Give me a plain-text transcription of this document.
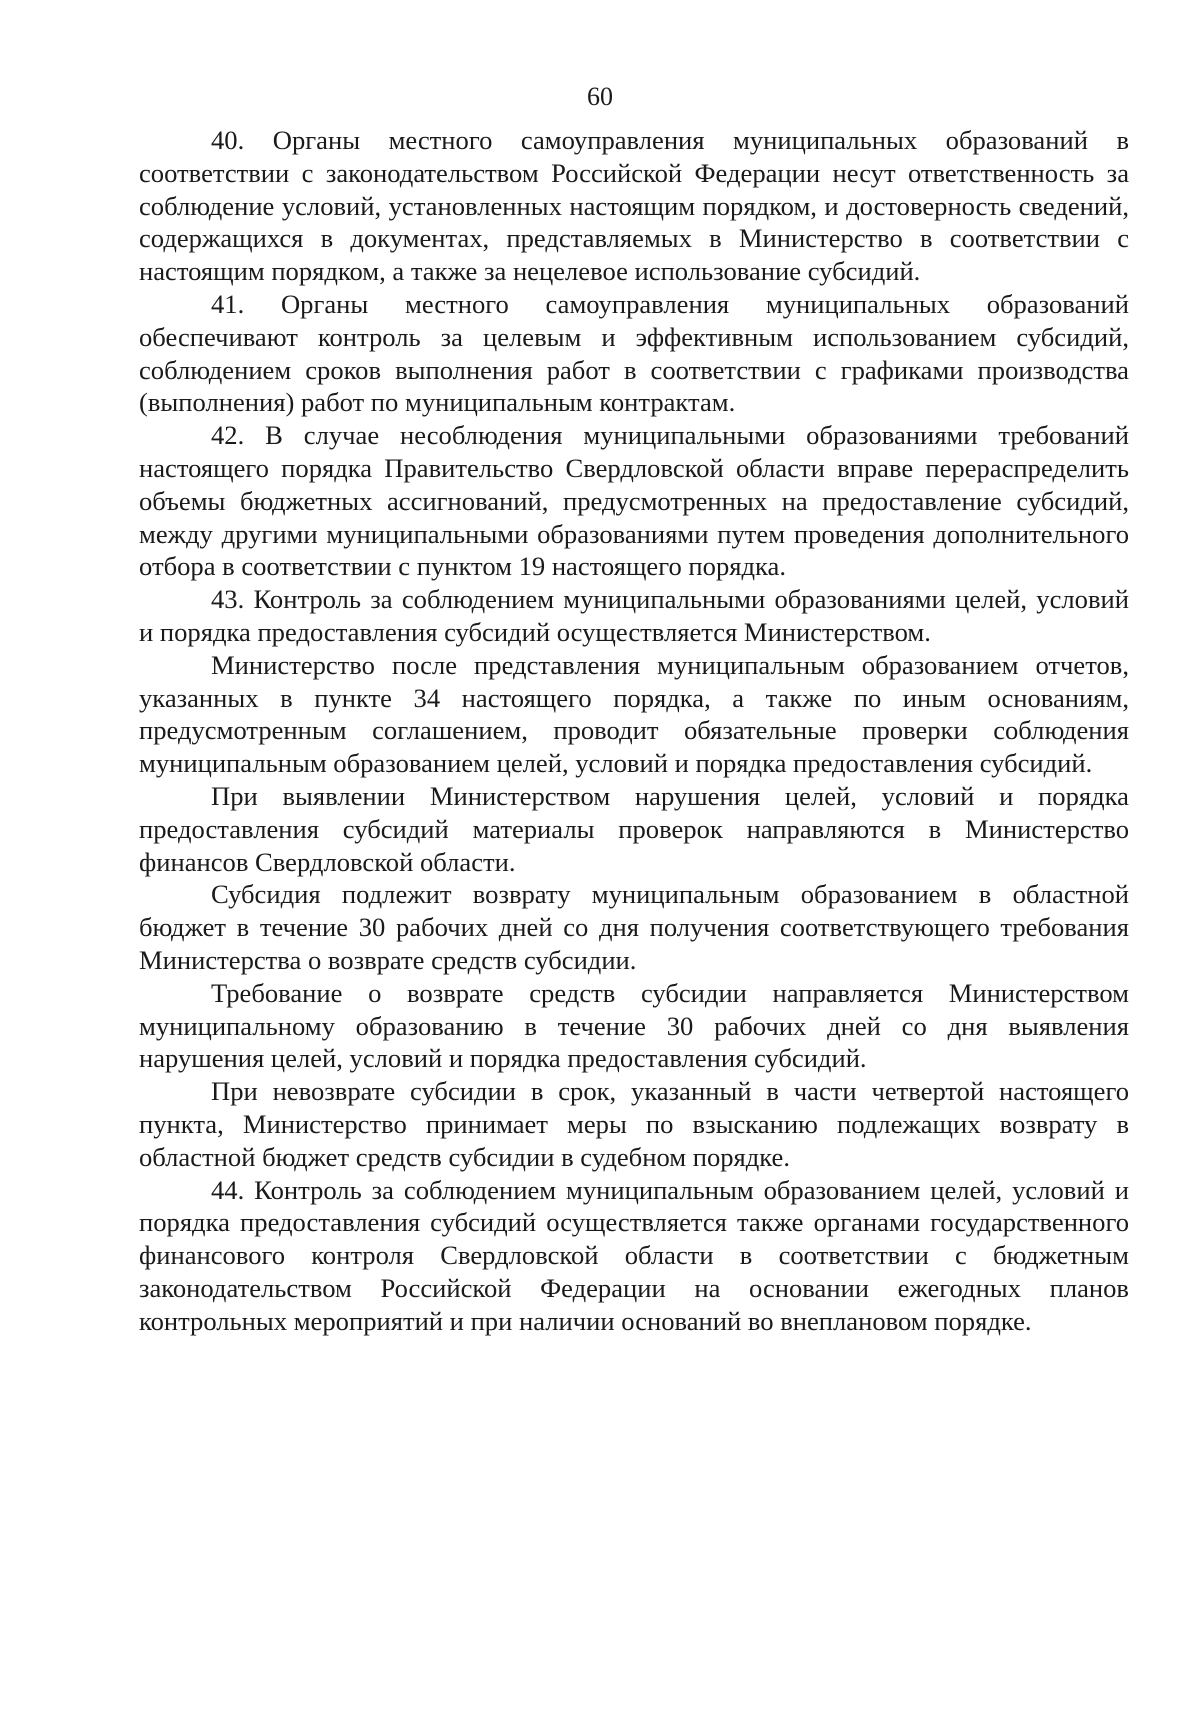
60

40. Органы местного самоуправления муниципальных образований в соответствии с законодательством Российской Федерации несут ответственность за соблюдение условий, установленных настоящим порядком, и достоверность сведений, содержащихся в документах, представляемых в Министерство в соответствии с настоящим порядком, а также за нецелевое использование субсидий.

41. Органы местного самоуправления муниципальных образований обеспечивают контроль за целевым и эффективным использованием субсидий, соблюдением сроков выполнения работ в соответствии с графиками производства (выполнения) работ по муниципальным контрактам.

42. В случае несоблюдения муниципальными образованиями требований настоящего порядка Правительство Свердловской области вправе перераспределить объемы бюджетных ассигнований, предусмотренных на предоставление субсидий, между другими муниципальными образованиями путем проведения дополнительного отбора в соответствии с пунктом 19 настоящего порядка.

43. Контроль за соблюдением муниципальными образованиями целей, условий и порядка предоставления субсидий осуществляется Министерством.

Министерство после представления муниципальным образованием отчетов, указанных в пункте 34 настоящего порядка, а также по иным основаниям, предусмотренным соглашением, проводит обязательные проверки соблюдения муниципальным образованием целей, условий и порядка предоставления субсидий.

При выявлении Министерством нарушения целей, условий и порядка предоставления субсидий материалы проверок направляются в Министерство финансов Свердловской области.

Субсидия подлежит возврату муниципальным образованием в областной бюджет в течение 30 рабочих дней со дня получения соответствующего требования Министерства о возврате средств субсидии.

Требование о возврате средств субсидии направляется Министерством муниципальному образованию в течение 30 рабочих дней со дня выявления нарушения целей, условий и порядка предоставления субсидий.

При невозврате субсидии в срок, указанный в части четвертой настоящего пункта, Министерство принимает меры по взысканию подлежащих возврату в областной бюджет средств субсидии в судебном порядке.

44. Контроль за соблюдением муниципальным образованием целей, условий и порядка предоставления субсидий осуществляется также органами государственного финансового контроля Свердловской области в соответствии с бюджетным законодательством Российской Федерации на основании ежегодных планов контрольных мероприятий и при наличии оснований во внеплановом порядке.
